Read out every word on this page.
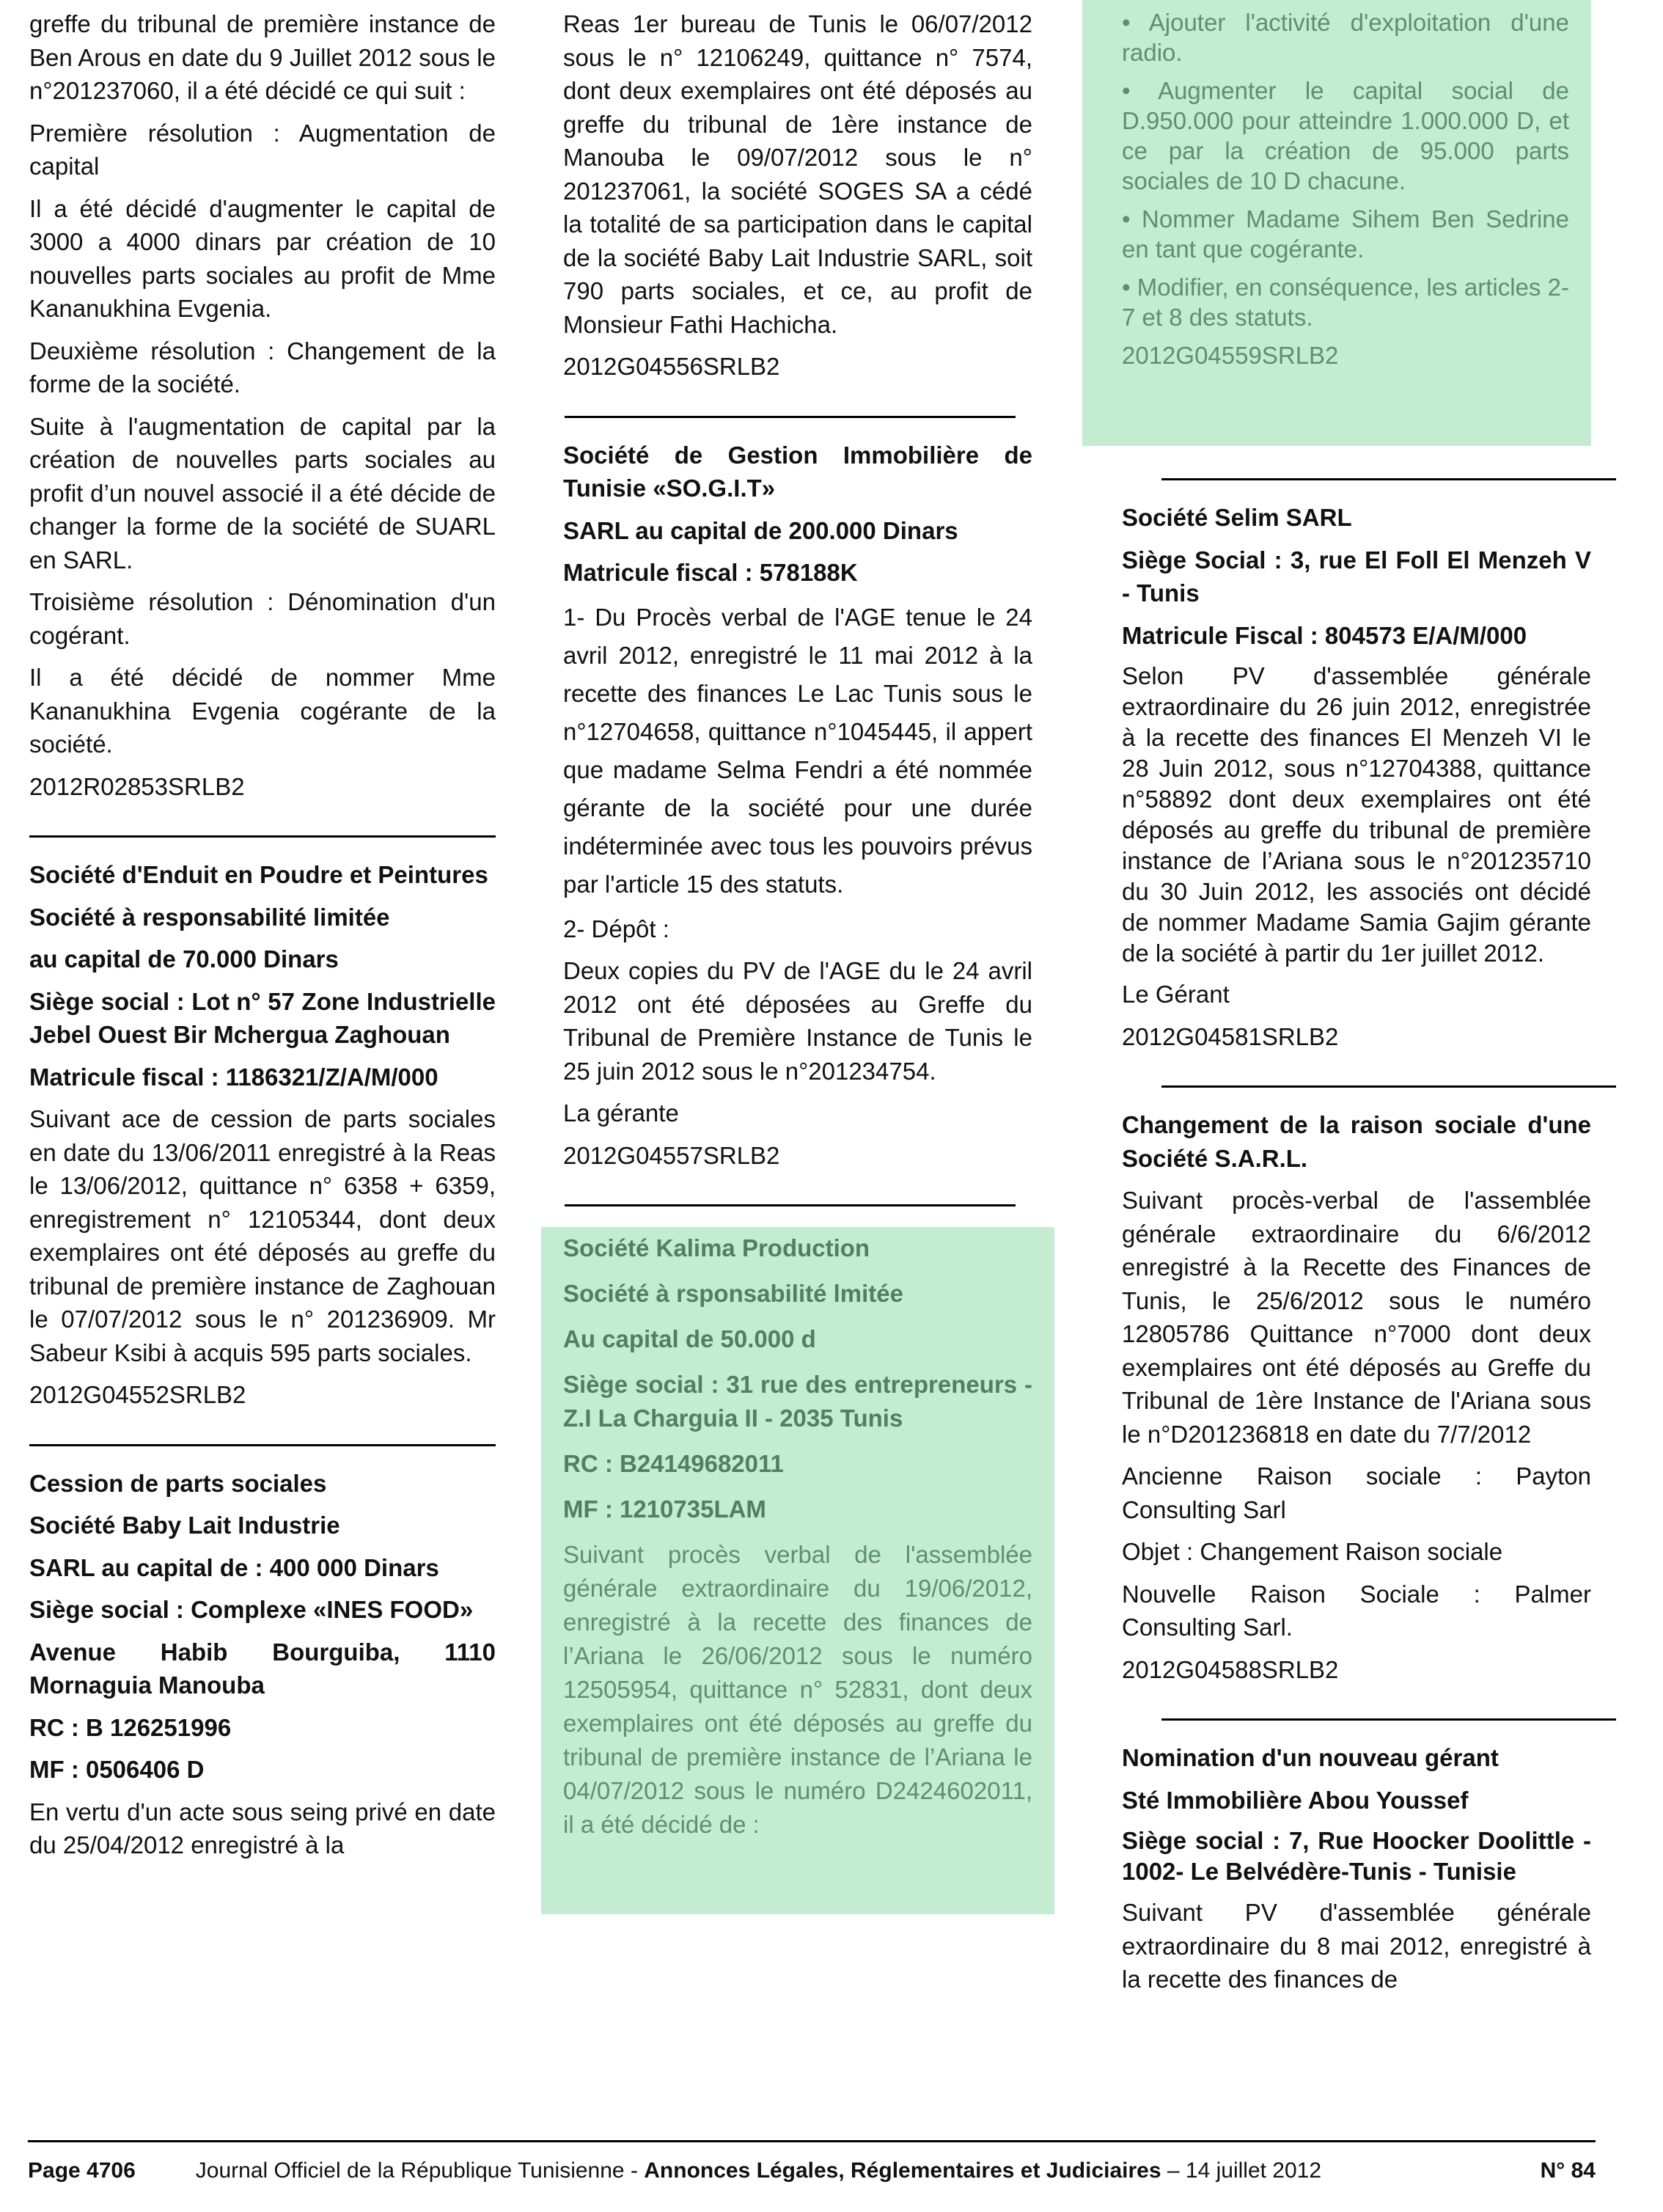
greffe du tribunal de première instance de Ben Arous en date du 9 Juillet 2012 sous le n°201237060, il a été décidé ce qui suit :

Première résolution : Augmentation de capital

Il a été décidé d'augmenter le capital de 3000 a 4000 dinars par création de 10 nouvelles parts sociales au profit de Mme Kananukhina Evgenia.

Deuxième résolution : Changement de la forme de la société.

Suite à l'augmentation de capital par la création de nouvelles parts sociales au profit d’un nouvel associé il a été décide de changer la forme de la société de SUARL en SARL.

Troisième résolution : Dénomination d'un cogérant.

Il a été décidé de nommer Mme Kananukhina Evgenia cogérante de la société.

2012R02853SRLB2

Société d'Enduit en Poudre et Peintures

Société à responsabilité limitée

au capital de 70.000 Dinars

Siège social : Lot n° 57 Zone Industrielle Jebel Ouest Bir Mchergua Zaghouan

Matricule fiscal : 1186321/Z/A/M/000

Suivant ace de cession de parts sociales en date du 13/06/2011 enregistré à la Reas le 13/06/2012, quittance n° 6358 + 6359, enregistrement n° 12105344, dont deux exemplaires ont été déposés au greffe du tribunal de première instance de Zaghouan le 07/07/2012 sous le n° 201236909. Mr Sabeur Ksibi à acquis 595 parts sociales.

2012G04552SRLB2

Cession de parts sociales

Société Baby Lait Industrie

SARL au capital de : 400 000 Dinars

Siège social : Complexe «INES FOOD»

Avenue Habib Bourguiba, 1110 Mornaguia Manouba

RC : B 126251996

MF : 0506406 D

En vertu d'un acte sous seing privé en date du 25/04/2012 enregistré à la

Reas 1er bureau de Tunis le 06/07/2012 sous le n° 12106249, quittance n° 7574, dont deux exemplaires ont été déposés au greffe du tribunal de 1ère instance de Manouba le 09/07/2012 sous le n° 201237061, la société SOGES SA a cédé la totalité de sa participation dans le capital de la société Baby Lait Industrie SARL, soit 790 parts sociales, et ce, au profit de Monsieur Fathi Hachicha.

2012G04556SRLB2

Société de Gestion Immobilière de Tunisie «SO.G.I.T»

SARL au capital de 200.000 Dinars

Matricule fiscal : 578188K

1- Du Procès verbal de l'AGE tenue le 24 avril 2012, enregistré le 11 mai 2012 à la recette des finances Le Lac Tunis sous le n°12704658, quittance n°1045445, il appert que madame Selma Fendri a été nommée gérante de la société pour une durée indéterminée avec tous les pouvoirs prévus par l'article 15 des statuts.

2- Dépôt :

Deux copies du PV de l'AGE du le 24 avril 2012 ont été déposées au Greffe du Tribunal de Première Instance de Tunis le 25 juin 2012 sous le n°201234754.

La gérante

2012G04557SRLB2

Société Kalima Production

Société à rsponsabilité lmitée

Au capital de 50.000 d

Siège social : 31 rue des entrepreneurs - Z.I La Charguia II - 2035 Tunis

RC : B24149682011

MF : 1210735LAM

Suivant procès verbal de l'assemblée générale extraordinaire du 19/06/2012, enregistré à la recette des finances de l’Ariana le 26/06/2012 sous le numéro 12505954, quittance n° 52831, dont deux exemplaires ont été déposés au greffe du tribunal de première instance de l’Ariana le 04/07/2012 sous le numéro D2424602011, il a été décidé de :

• Ajouter l'activité d'exploitation d'une radio.

• Augmenter le capital social de D.950.000 pour atteindre 1.000.000 D, et ce par la création de 95.000 parts sociales de 10 D chacune.

• Nommer Madame Sihem Ben Sedrine en tant que cogérante.

• Modifier, en conséquence, les articles 2-7 et 8 des statuts.

2012G04559SRLB2

Société Selim SARL

Siège Social : 3, rue El Foll El Menzeh V - Tunis

Matricule Fiscal : 804573 E/A/M/000

Selon PV d'assemblée générale extraordinaire du 26 juin 2012, enregistrée à la recette des finances El Menzeh VI le 28 Juin 2012, sous n°12704388, quittance n°58892 dont deux exemplaires ont été déposés au greffe du tribunal de première instance de l’Ariana sous le n°201235710 du 30 Juin 2012, les associés ont décidé de nommer Madame Samia Gajim gérante de la société à partir du 1er juillet 2012.

Le Gérant

2012G04581SRLB2

Changement de la raison sociale d'une Société S.A.R.L.

Suivant procès-verbal de l'assemblée générale extraordinaire du 6/6/2012 enregistré à la Recette des Finances de Tunis, le 25/6/2012 sous le numéro 12805786 Quittance n°7000 dont deux exemplaires ont été déposés au Greffe du Tribunal de 1ère Instance de l'Ariana sous le n°D201236818 en date du 7/7/2012

Ancienne Raison sociale : Payton Consulting Sarl

Objet : Changement Raison sociale

Nouvelle Raison Sociale : Palmer Consulting Sarl.

2012G04588SRLB2

Nomination d'un nouveau gérant

Sté Immobilière Abou Youssef

Siège social : 7, Rue Hoocker Doolittle - 1002- Le Belvédère-Tunis - Tunisie

Suivant PV d'assemblée générale extraordinaire du 8 mai 2012, enregistré à la recette des finances de

Page 4706	Journal Officiel de la République Tunisienne - Annonces Légales, Réglementaires et Judiciaires – 14 juillet 2012	N° 84
